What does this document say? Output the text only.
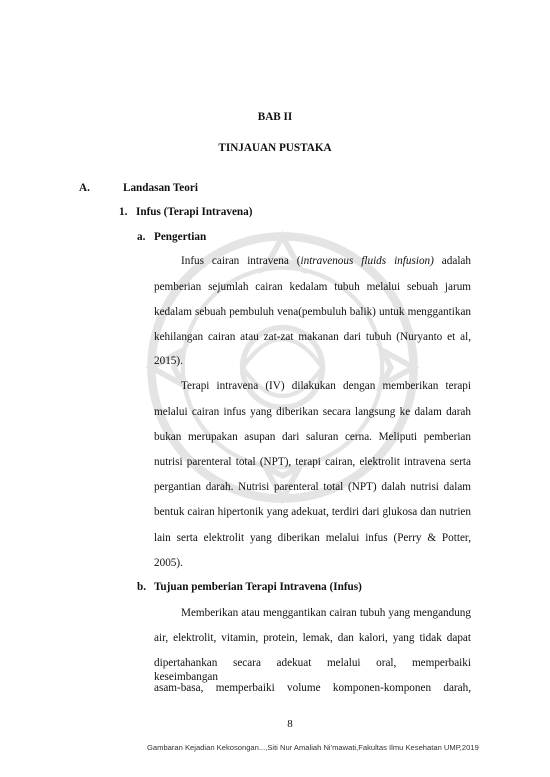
BAB II
TINJAUAN PUSTAKA
A.	Landasan Teori
1. Infus (Terapi Intravena)
a. Pengertian
Infus cairan intravena (intravenous fluids infusion) adalah
pemberian sejumlah cairan kedalam tubuh melalui sebuah jarum
kedalam sebuah pembuluh vena(pembuluh balik) untuk menggantikan
kehilangan cairan atau zat-zat makanan dari tubuh (Nuryanto et al,
2015).
Terapi intravena (IV) dilakukan dengan memberikan terapi
melalui cairan infus yang diberikan secara langsung ke dalam darah
bukan merupakan asupan dari saluran cerna. Meliputi pemberian
nutrisi parenteral total (NPT), terapi cairan, elektrolit intravena serta
pergantian darah. Nutrisi parenteral total (NPT) dalah nutrisi dalam
bentuk cairan hipertonik yang adekuat, terdiri dari glukosa dan nutrien
lain serta elektrolit yang diberikan melalui infus (Perry & Potter,
2005).
b. Tujuan pemberian Terapi Intravena (Infus)
Memberikan atau menggantikan cairan tubuh yang mengandung
air, elektrolit, vitamin, protein, lemak, dan kalori, yang tidak dapat
dipertahankan secara adekuat melalui oral, memperbaiki keseimbangan
asam-basa, memperbaiki volume komponen-komponen darah,
8
Gambaran Kejadian Kekosongan...,Siti Nur Amaliah Ni'mawati,Fakultas Ilmu Kesehatan UMP,2019
